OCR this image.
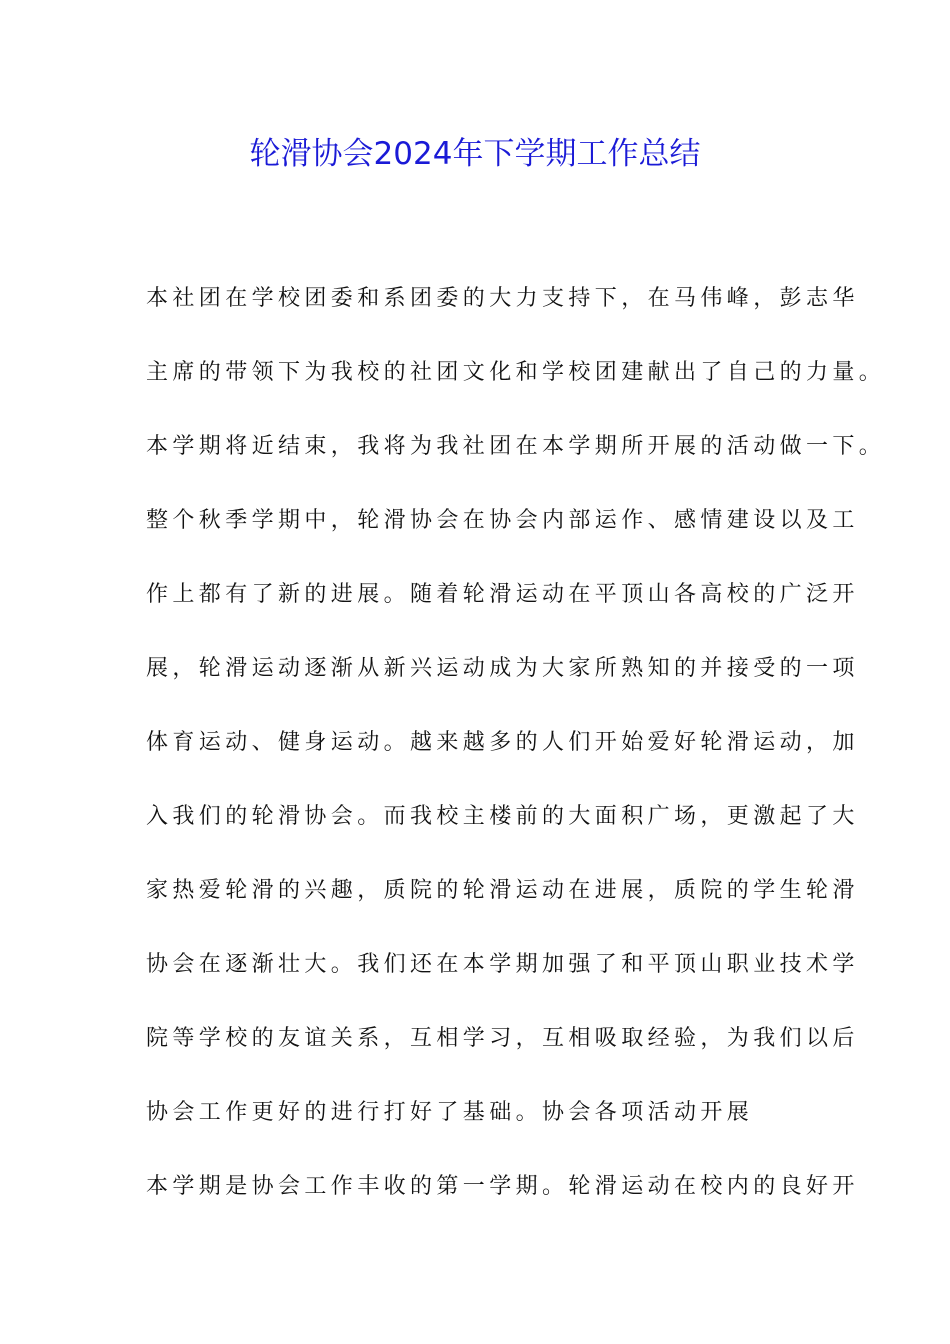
轮滑协会2024年下学期工作总结
本社团在学校团委和系团委的大力支持下，在马伟峰，彭志华
主席的带领下为我校的社团文化和学校团建献出了自己的力量。
本学期将近结束，我将为我社团在本学期所开展的活动做一下。
整个秋季学期中，轮滑协会在协会内部运作、感情建设以及工
作上都有了新的进展。随着轮滑运动在平顶山各高校的广泛开
展，轮滑运动逐渐从新兴运动成为大家所熟知的并接受的一项
体育运动、健身运动。越来越多的人们开始爱好轮滑运动，加
入我们的轮滑协会。而我校主楼前的大面积广场，更激起了大
家热爱轮滑的兴趣，质院的轮滑运动在进展，质院的学生轮滑
协会在逐渐壮大。我们还在本学期加强了和平顶山职业技术学
院等学校的友谊关系，互相学习，互相吸取经验，为我们以后
协会工作更好的进行打好了基础。协会各项活动开展
本学期是协会工作丰收的第一学期。轮滑运动在校内的良好开
